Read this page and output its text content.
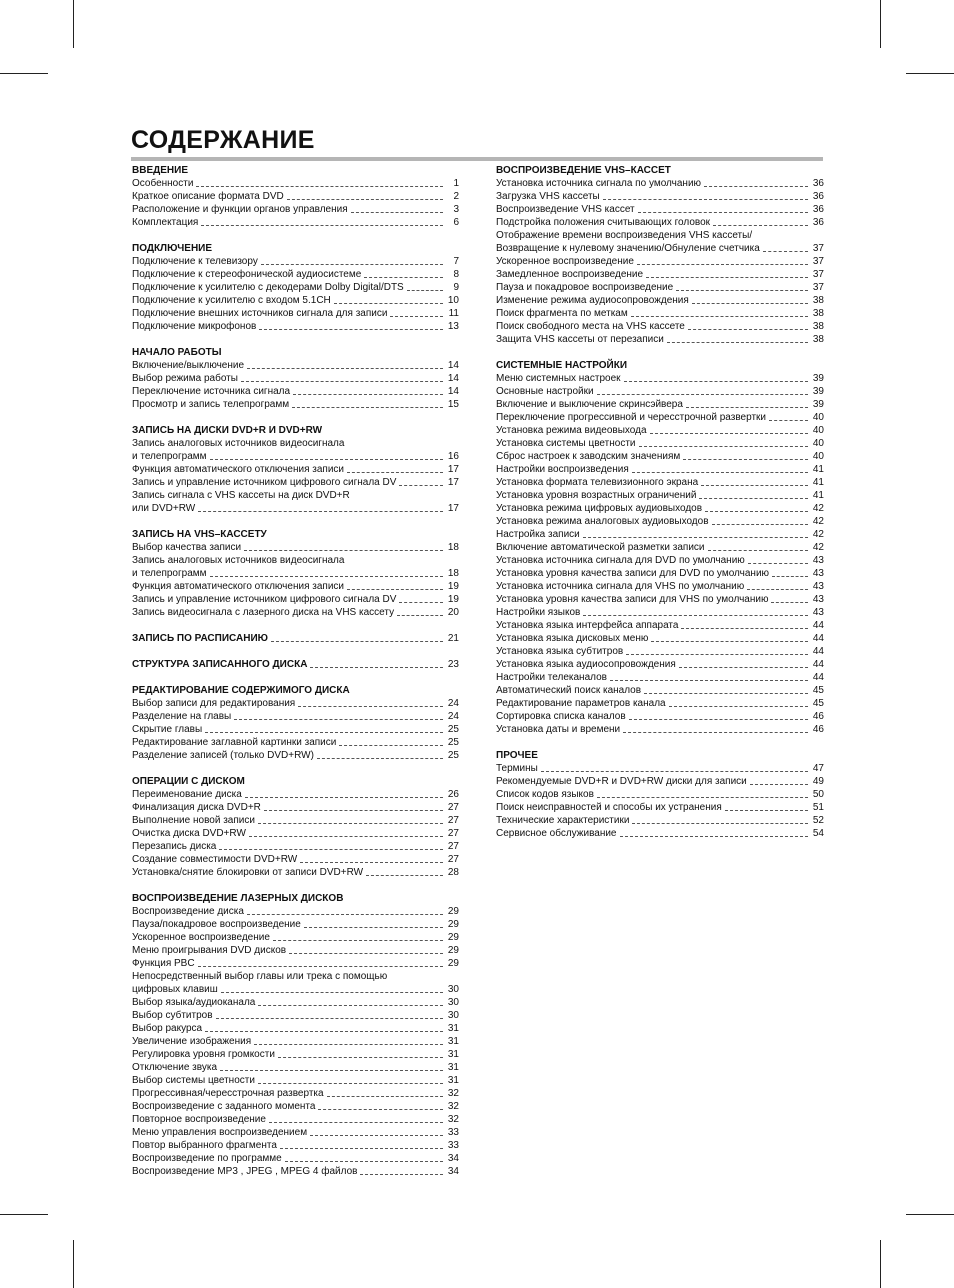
СОДЕРЖАНИЕ
ВВЕДЕНИЕ
Особенности	1
Краткое описание формата DVD	2
Расположение и функции органов управления	3
Комплектация	6
ПОДКЛЮЧЕНИЕ
Подключение к телевизору	7
Подключение к стереофонической аудиосистеме	8
Подключение к усилителю с декодерами Dolby Digital/DTS	9
Подключение к усилителю с входом 5.1CH	10
Подключение внешних источников сигнала для записи	11
Подключение микрофонов	13
НАЧАЛО РАБОТЫ
Включение/выключение	14
Выбор режима работы	14
Переключение источника сигнала	14
Просмотр и запись телепрограмм	15
ЗАПИСЬ НА ДИСКИ DVD+R И DVD+RW
Запись аналоговых источников видеосигнала
и телепрограмм	16
Функция автоматического отключения записи	17
Запись и управление источником цифрового сигнала DV	17
Запись сигнала с VHS кассеты на диск DVD+R
или DVD+RW	17
ЗАПИСЬ НА VHS–КАССЕТУ
Выбор качества записи	18
Запись аналоговых источников видеосигнала
и телепрограмм	18
Функция автоматического отключения записи	19
Запись и управление источником цифрового сигнала DV	19
Запись видеосигнала с лазерного диска на VHS кассету	20
ЗАПИСЬ ПО РАСПИСАНИЮ	21
СТРУКТУРА ЗАПИСАННОГО ДИСКА	23
РЕДАКТИРОВАНИЕ СОДЕРЖИМОГО ДИСКА
Выбор записи для редактирования	24
Разделение на главы	24
Скрытие главы	25
Редактирование заглавной картинки записи	25
Разделение записей (только DVD+RW)	25
ОПЕРАЦИИ С ДИСКОМ
Переименование диска	26
Финализация диска DVD+R	27
Выполнение новой записи	27
Очистка диска DVD+RW	27
Перезапись диска	27
Создание совместимости DVD+RW	27
Установка/снятие блокировки от записи DVD+RW	28
ВОСПРОИЗВЕДЕНИЕ ЛАЗЕРНЫХ ДИСКОВ
Воспроизведение диска	29
Пауза/покадровое воспроизведение	29
Ускоренное воспроизведение	29
Меню проигрывания DVD дисков	29
Функция PBC	29
Непосредственный выбор главы или трека с помощью
цифровых клавиш	30
Выбор языка/аудиоканала	30
Выбор субтитров	30
Выбор ракурса	31
Увеличение изображения	31
Регулировка уровня громкости	31
Отключение звука	31
Выбор системы цветности	31
Прогрессивная/чересстрочная развертка	32
Воспроизведение с заданного момента	32
Повторное воспроизведение	32
Меню управления воспроизведением	33
Повтор выбранного фрагмента	33
Воспроизведение по программе	34
Воспроизведение MP3 , JPEG , MPEG 4 файлов	34
ВОСПРОИЗВЕДЕНИЕ VHS–КАССЕТ
Установка источника сигнала по умолчанию	36
Загрузка VHS кассеты	36
Воспроизведение VHS кассет	36
Подстройка положения считывающих головок	36
Отображение времени воспроизведения VHS кассеты/
Возвращение к нулевому значению/Обнуление счетчика	37
Ускоренное воспроизведение	37
Замедленное воспроизведение	37
Пауза и покадровое воспроизведение	37
Изменение режима аудиосопровождения	38
Поиск фрагмента по меткам	38
Поиск свободного места на VHS кассете	38
Защита VHS кассеты от перезаписи	38
СИСТЕМНЫЕ НАСТРОЙКИ
Меню системных настроек	39
Основные настройки	39
Включение и выключение скринсэйвера	39
Переключение прогрессивной и чересстрочной развертки	40
Установка режима видеовыхода	40
Установка системы цветности	40
Сброс настроек к заводским значениям	40
Настройки воспроизведения	41
Установка формата телевизионного экрана	41
Установка уровня возрастных ограничений	41
Установка режима цифровых аудиовыходов	42
Установка режима аналоговых аудиовыходов	42
Настройка записи	42
Включение автоматической разметки записи	42
Установка источника сигнала для DVD по умолчанию	43
Установка уровня качества записи для DVD по умолчанию	43
Установка источника сигнала для VHS по умолчанию	43
Установка уровня качества записи для VHS по умолчанию	43
Настройки языков	43
Установка языка интерфейса аппарата	44
Установка языка дисковых меню	44
Установка языка субтитров	44
Установка языка аудиосопровождения	44
Настройки телеканалов	44
Автоматический поиск каналов	45
Редактирование параметров канала	45
Сортировка списка каналов	46
Установка даты и времени	46
ПРОЧЕЕ
Термины	47
Рекомендуемые DVD+R и DVD+RW диски для записи	49
Список кодов языков	50
Поиск неисправностей и способы их устранения	51
Технические характеристики	52
Сервисное обслуживание	54
